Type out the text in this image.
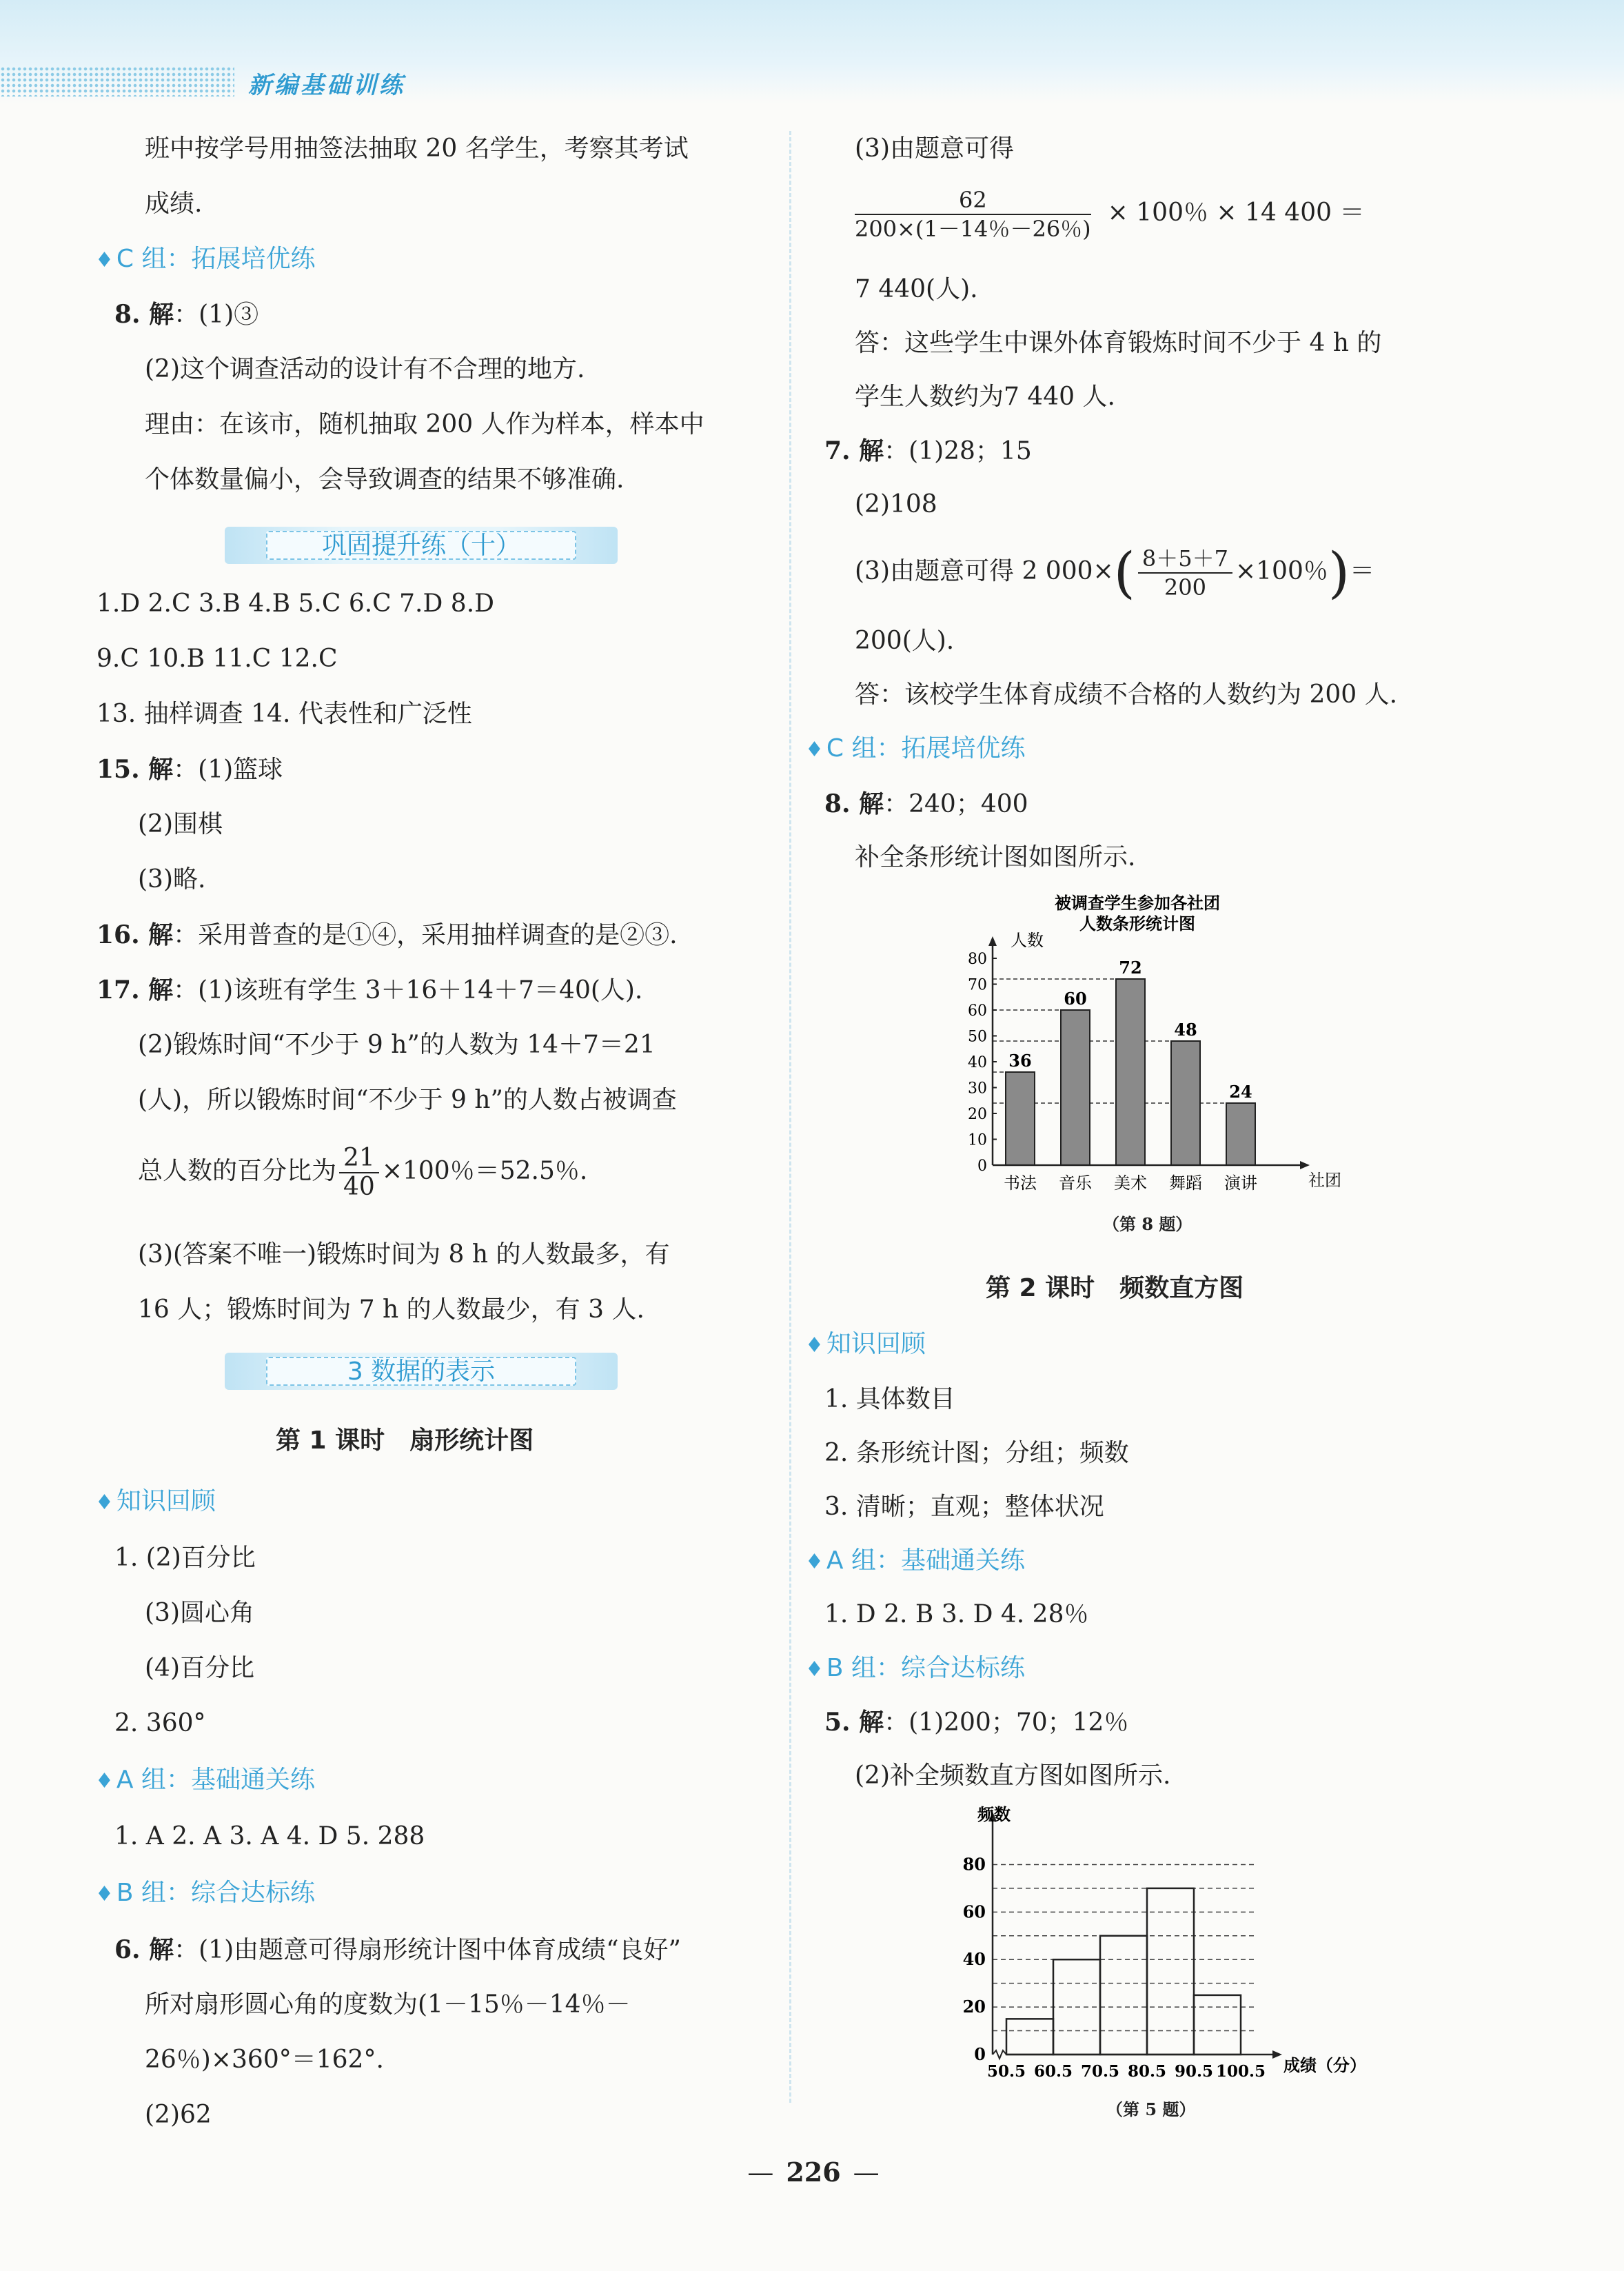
新编基础训练
班中按学号用抽签法抽取 20 名学生，考察其考试
成绩.
♦ C 组：拓展培优练
8. 解：(1)③
(2)这个调查活动的设计有不合理的地方.
理由：在该市，随机抽取 200 人作为样本，样本中
个体数量偏小，会导致调查的结果不够准确.
巩固提升练（十）
1.D 2.C 3.B 4.B 5.C 6.C 7.D 8.D
9.C 10.B 11.C 12.C
13. 抽样调查 14. 代表性和广泛性
15. 解：(1)篮球
(2)围棋
(3)略.
16. 解：采用普查的是①④，采用抽样调查的是②③.
17. 解：(1)该班有学生 3＋16＋14＋7＝40(人).
(2)锻炼时间“不少于 9 h”的人数为 14＋7＝21
(人)，所以锻炼时间“不少于 9 h”的人数占被调查
总人数的百分比为 $\frac{21}{40} \times 100$％＝52.5％.
(3)(答案不唯一)锻炼时间为 8 h 的人数最多，有
16 人；锻炼时间为 7 h 的人数最少，有 3 人.
3 数据的表示
第 1 课时　扇形统计图
♦ 知识回顾
1. (2)百分比
(3)圆心角
(4)百分比
2. 360°
♦ A 组：基础通关练
1. A 2. A 3. A 4. D 5. 288
♦ B 组：综合达标练
6. 解：(1)由题意可得扇形统计图中体育成绩“良好”
所对扇形圆心角的度数为(1－15％－14％－
26％)×360°＝162°.
(2)62
(3)由题意可得
$\frac{62}{200\times(1-14\%-26\%)} \times 100$％ × 14 400 ＝
7 440(人).
答：这些学生中课外体育锻炼时间不少于 4 h 的
学生人数约为7 440 人.
7. 解：(1)28；15
(2)108
(3)由题意可得 2 $000\times( \frac{8+5+7}{200} \times 100$％)＝
200(人).
答：该校学生体育成绩不合格的人数约为 200 人.
♦ C 组：拓展培优练
8. 解：240；400
补全条形统计图如图所示.
被调查学生参加各社团
人数条形统计图
36
书法
60
音乐
72
美术
48
舞蹈
24
演讲
0
10
20
30
40
50
60
70
80
人数
社团
（第 8 题）
第 2 课时　频数直方图
♦ 知识回顾
1. 具体数目
2. 条形统计图；分组；频数
3. 清晰；直观；整体状况
♦ A 组：基础通关练
1. D 2. B 3. D 4. 28％
♦ B 组：综合达标练
5. 解：(1)200；70；12％
(2)补全频数直方图如图所示.
0
20
40
60
80
50.5 60.5 70.5 80.5 90.5 100.5
频数
成绩（分）
（第 5 题）
— 226 —
